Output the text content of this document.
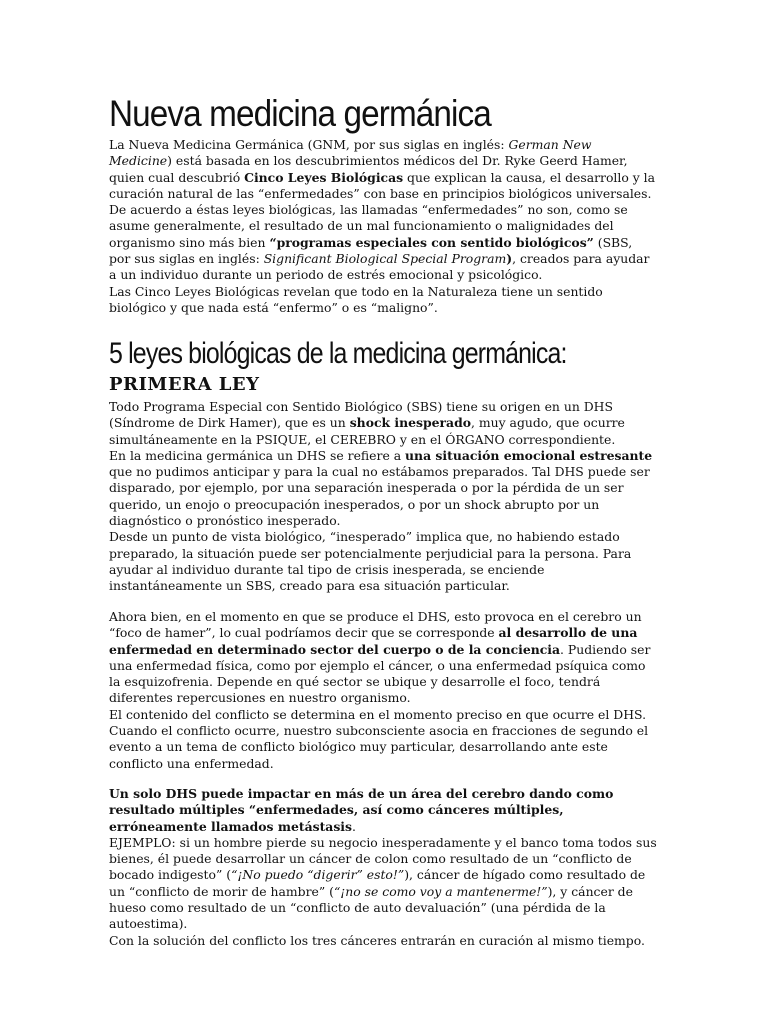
Nueva medicina germánica

La Nueva Medicina Germánica (GNM, por sus siglas en inglés: German New Medicine) está basada en los descubrimientos médicos del Dr. Ryke Geerd Hamer, quien cual descubrió Cinco Leyes Biológicas que explican la causa, el desarrollo y la curación natural de las “enfermedades” con base en principios biológicos universales.

De acuerdo a éstas leyes biológicas, las llamadas “enfermedades” no son, como se asume generalmente, el resultado de un mal funcionamiento o malignidades del organismo sino más bien “programas especiales con sentido biológicos” (SBS, por sus siglas en inglés: Significant Biological Special Program), creados para ayudar a un individuo durante un periodo de estrés emocional y psicológico.

Las Cinco Leyes Biológicas revelan que todo en la Naturaleza tiene un sentido biológico y que nada está “enfermo” o es “maligno”.

5 leyes biológicas de la medicina germánica:
PRIMERA LEY

Todo Programa Especial con Sentido Biológico (SBS) tiene su origen en un DHS (Síndrome de Dirk Hamer), que es un shock inesperado, muy agudo, que ocurre simultáneamente en la PSIQUE, el CEREBRO y en el ÓRGANO correspondiente.

En la medicina germánica un DHS se refiere a una situación emocional estresante que no pudimos anticipar y para la cual no estábamos preparados. Tal DHS puede ser disparado, por ejemplo, por una separación inesperada o por la pérdida de un ser querido, un enojo o preocupación inesperados, o por un shock abrupto por un diagnóstico o pronóstico inesperado.

Desde un punto de vista biológico, “inesperado” implica que, no habiendo estado preparado, la situación puede ser potencialmente perjudicial para la persona. Para ayudar al individuo durante tal tipo de crisis inesperada, se enciende instantáneamente un SBS, creado para esa situación particular.

Ahora bien, en el momento en que se produce el DHS, esto provoca en el cerebro un “foco de hamer”, lo cual podríamos decir que se corresponde al desarrollo de una enfermedad en determinado sector del cuerpo o de la conciencia. Pudiendo ser una enfermedad física, como por ejemplo el cáncer, o una enfermedad psíquica como la esquizofrenia. Depende en qué sector se ubique y desarrolle el foco, tendrá diferentes repercusiones en nuestro organismo.

El contenido del conflicto se determina en el momento preciso en que ocurre el DHS. Cuando el conflicto ocurre, nuestro subconsciente asocia en fracciones de segundo el evento a un tema de conflicto biológico muy particular, desarrollando ante este conflicto una enfermedad.

Un solo DHS puede impactar en más de un área del cerebro dando como resultado múltiples “enfermedades, así como cánceres múltiples, erróneamente llamados metástasis.

EJEMPLO: si un hombre pierde su negocio inesperadamente y el banco toma todos sus bienes, él puede desarrollar un cáncer de colon como resultado de un “conflicto de bocado indigesto” (“¡No puedo “digerir” esto!”), cáncer de hígado como resultado de un “conflicto de morir de hambre” (“¡no se como voy a mantenerme!”), y cáncer de hueso como resultado de un “conflicto de auto devaluación” (una pérdida de la autoestima).

Con la solución del conflicto los tres cánceres entrarán en curación al mismo tiempo.
